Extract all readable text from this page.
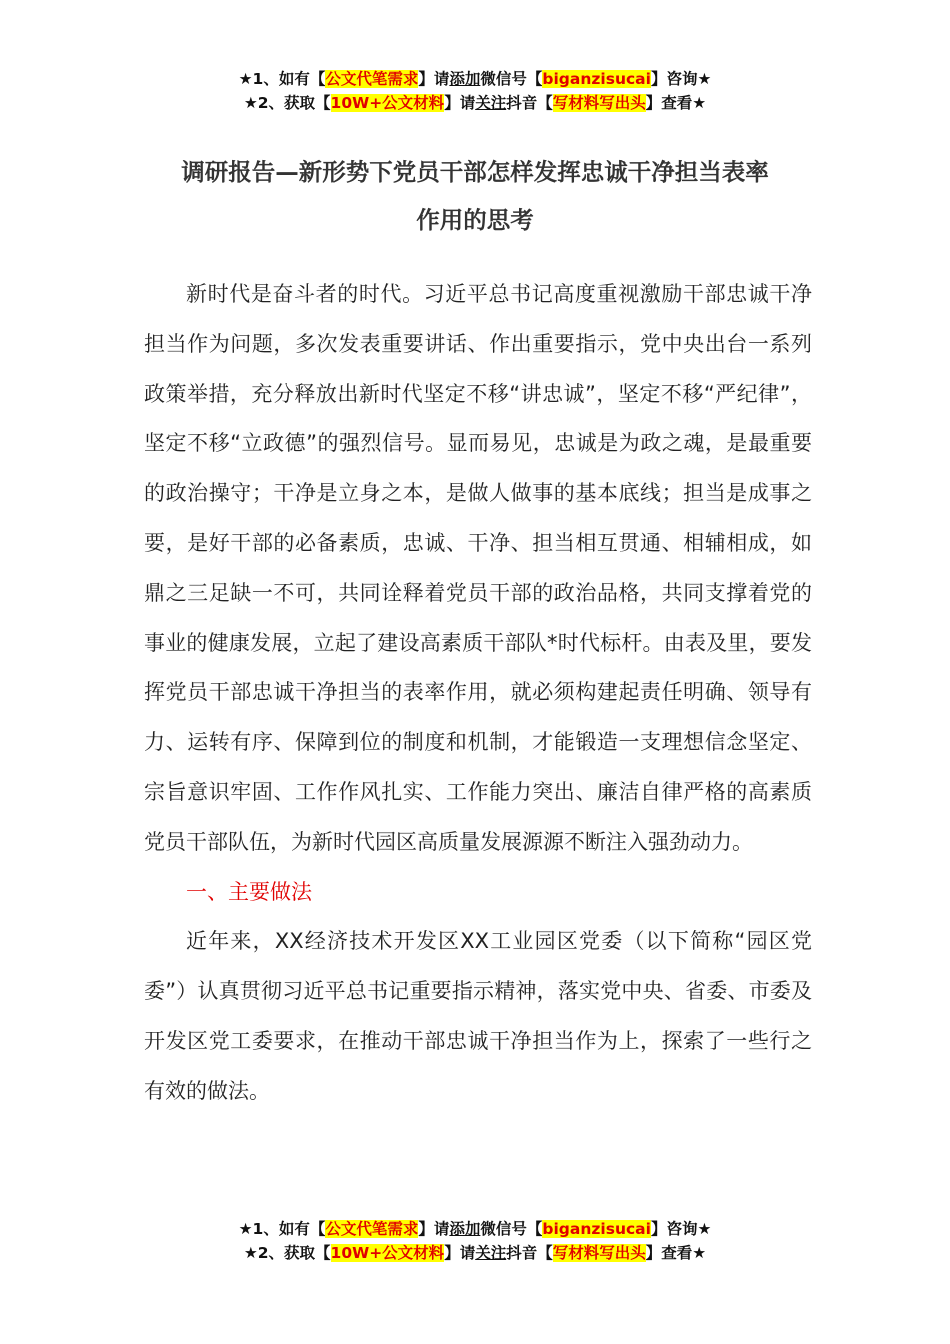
★1、如有【公文代笔需求】请添加微信号【biganzisucai】咨询★
★2、获取【10W+公文材料】请关注抖音【写材料写出头】查看★
调研报告—新形势下党员干部怎样发挥忠诚干净担当表率
作用的思考

新时代是奋斗者的时代。习近平总书记高度重视激励干部忠诚干净担当作为问题，多次发表重要讲话、作出重要指示，党中央出台一系列政策举措，充分释放出新时代坚定不移“讲忠诚”，坚定不移“严纪律”，坚定不移“立政德”的强烈信号。显而易见，忠诚是为政之魂，是最重要的政治操守；干净是立身之本，是做人做事的基本底线；担当是成事之要，是好干部的必备素质，忠诚、干净、担当相互贯通、相辅相成，如鼎之三足缺一不可，共同诠释着党员干部的政治品格，共同支撑着党的事业的健康发展，立起了建设高素质干部队*时代标杆。由表及里，要发挥党员干部忠诚干净担当的表率作用，就必须构建起责任明确、领导有力、运转有序、保障到位的制度和机制，才能锻造一支理想信念坚定、宗旨意识牢固、工作作风扎实、工作能力突出、廉洁自律严格的高素质党员干部队伍，为新时代园区高质量发展源源不断注入强劲动力。

一、主要做法

近年来，XX经济技术开发区XX工业园区党委（以下简称“园区党委”）认真贯彻习近平总书记重要指示精神，落实党中央、省委、市委及开发区党工委要求，在推动干部忠诚干净担当作为上，探索了一些行之有效的做法。

★1、如有【公文代笔需求】请添加微信号【biganzisucai】咨询★
★2、获取【10W+公文材料】请关注抖音【写材料写出头】查看★
